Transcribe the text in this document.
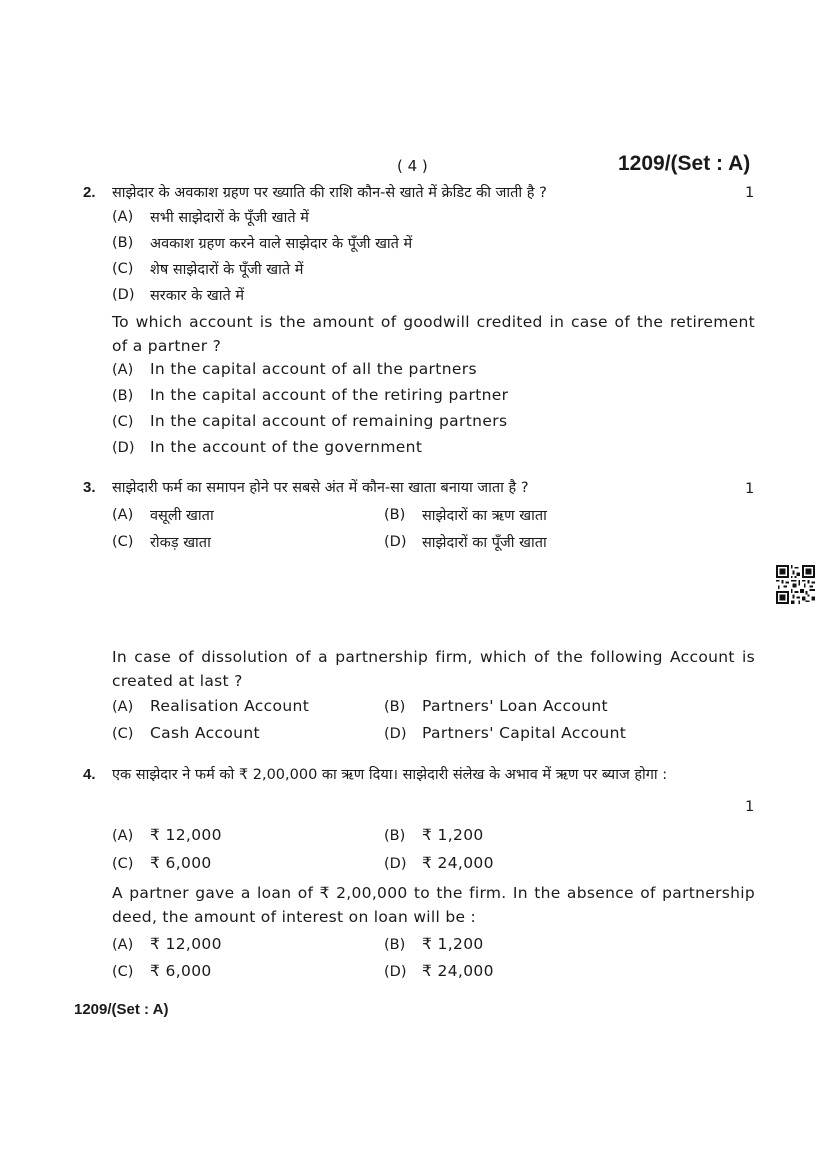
( 4 )	1209/(Set : A)
2. साझेदार के अवकाश ग्रहण पर ख्याति की राशि कौन-से खाते में क्रेडिट की जाती है ?	1
(A) सभी साझेदारों के पूँजी खाते में
(B) अवकाश ग्रहण करने वाले साझेदार के पूँजी खाते में
(C) शेष साझेदारों के पूँजी खाते में
(D) सरकार के खाते में
To which account is the amount of goodwill credited in case of the retirement of a partner ?
(A) In the capital account of all the partners
(B) In the capital account of the retiring partner
(C) In the capital account of remaining partners
(D) In the account of the government
3. साझेदारी फर्म का समापन होने पर सबसे अंत में कौन-सा खाता बनाया जाता है ?	1
(A) वसूली खाता	(B) साझेदारों का ऋण खाता
(C) रोकड़ खाता	(D) साझेदारों का पूँजी खाता
In case of dissolution of a partnership firm, which of the following Account is created at last ?
(A) Realisation Account	(B) Partners' Loan Account
(C) Cash Account	(D) Partners' Capital Account
4. एक साझेदार ने फर्म को ₹ 2,00,000 का ऋण दिया। साझेदारी संलेख के अभाव में ऋण पर ब्याज होगा :
1
(A) ₹ 12,000	(B) ₹ 1,200
(C) ₹ 6,000	(D) ₹ 24,000
A partner gave a loan of ₹ 2,00,000 to the firm. In the absence of partnership deed, the amount of interest on loan will be :
(A) ₹ 12,000	(B) ₹ 1,200
(C) ₹ 6,000	(D) ₹ 24,000
1209/(Set : A)
